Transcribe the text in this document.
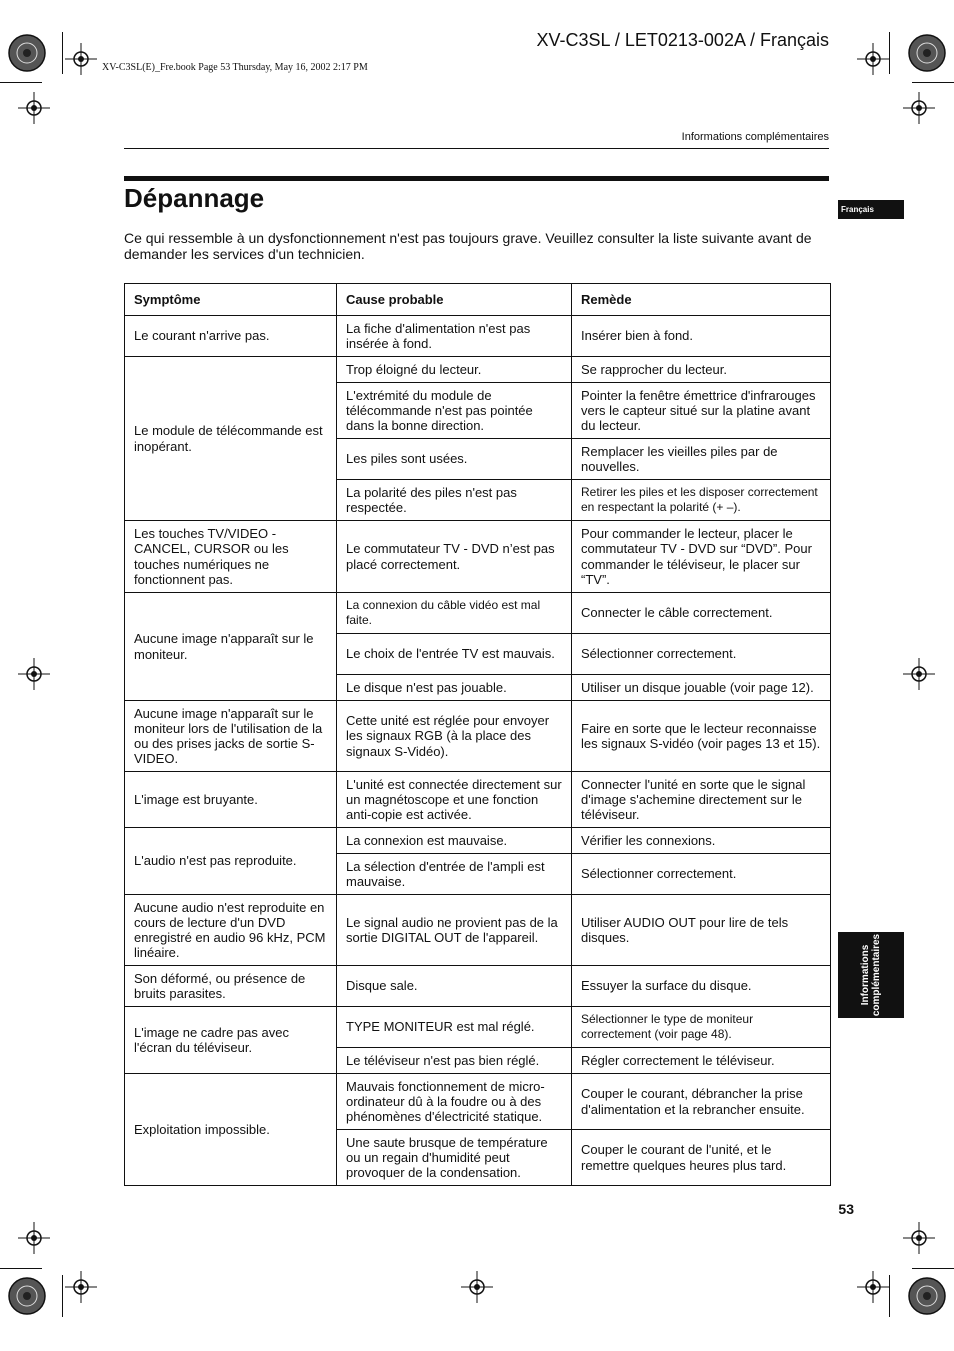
XV-C3SL / LET0213-002A / Français
XV-C3SL(E)_Fre.book Page 53 Thursday, May 16, 2002 2:17 PM
Informations complémentaires
Dépannage
Ce qui ressemble à un dysfonctionnement n'est pas toujours grave. Veuillez consulter la liste suivante avant de demander les services d'un technicien.
Français
Informations
complémentaires
Symptôme	Cause probable	Remède
Le courant n'arrive pas.	La fiche d'alimentation n'est pas insérée à fond.	Insérer bien à fond.
Le module de télécommande est inopérant.	Trop éloigné du lecteur.	Se rapprocher du lecteur.
	L'extrémité du module de télécommande n'est pas pointée dans la bonne direction.	Pointer la fenêtre émettrice d'infrarouges vers le capteur situé sur la platine avant du lecteur.
	Les piles sont usées.	Remplacer les vieilles piles par de nouvelles.
	La polarité des piles n'est pas respectée.	Retirer les piles et les disposer correctement en respectant la polarité (+ –).
Les touches TV/VIDEO - CANCEL, CURSOR ou les touches numériques ne fonctionnent pas.	Le commutateur TV - DVD n’est pas placé correctement.	Pour commander le lecteur, placer le commutateur TV - DVD sur “DVD”. Pour commander le téléviseur, le placer sur “TV”.
Aucune image n'apparaît sur le moniteur.	La connexion du câble vidéo est mal faite.	Connecter le câble correctement.
	Le choix de l'entrée TV est mauvais.	Sélectionner correctement.
	Le disque n'est pas jouable.	Utiliser un disque jouable (voir page 12).
Aucune image n'apparaît sur le moniteur lors de l'utilisation de la ou des prises jacks de sortie S-VIDEO.	Cette unité est réglée pour envoyer les signaux RGB (à la place des signaux S-Vidéo).	Faire en sorte que le lecteur reconnaisse les signaux S-vidéo (voir pages 13 et 15).
L'image est bruyante.	L'unité est connectée directement sur un magnétoscope et une fonction anti-copie est activée.	Connecter l'unité en sorte que le signal d'image s'achemine directement sur le téléviseur.
L'audio n'est pas reproduite.	La connexion est mauvaise.	Vérifier les connexions.
	La sélection d'entrée de l'ampli est mauvaise.	Sélectionner correctement.
Aucune audio n'est reproduite en cours de lecture d'un DVD enregistré en audio 96 kHz, PCM linéaire.	Le signal audio ne provient pas de la sortie DIGITAL OUT de l'appareil.	Utiliser AUDIO OUT pour lire de tels disques.
Son déformé, ou présence de bruits parasites.	Disque sale.	Essuyer la surface du disque.
L'image ne cadre pas avec l'écran du téléviseur.	TYPE MONITEUR est mal réglé.	Sélectionner le type de moniteur correctement (voir page 48).
	Le téléviseur n'est pas bien réglé.	Régler correctement le téléviseur.
Exploitation impossible.	Mauvais fonctionnement de micro-ordinateur dû à la foudre ou à des phénomènes d'électricité statique.	Couper le courant, débrancher la prise d'alimentation et la rebrancher ensuite.
	Une saute brusque de température ou un regain d'humidité peut provoquer de la condensation.	Couper le courant de l'unité, et le remettre quelques heures plus tard.
53
